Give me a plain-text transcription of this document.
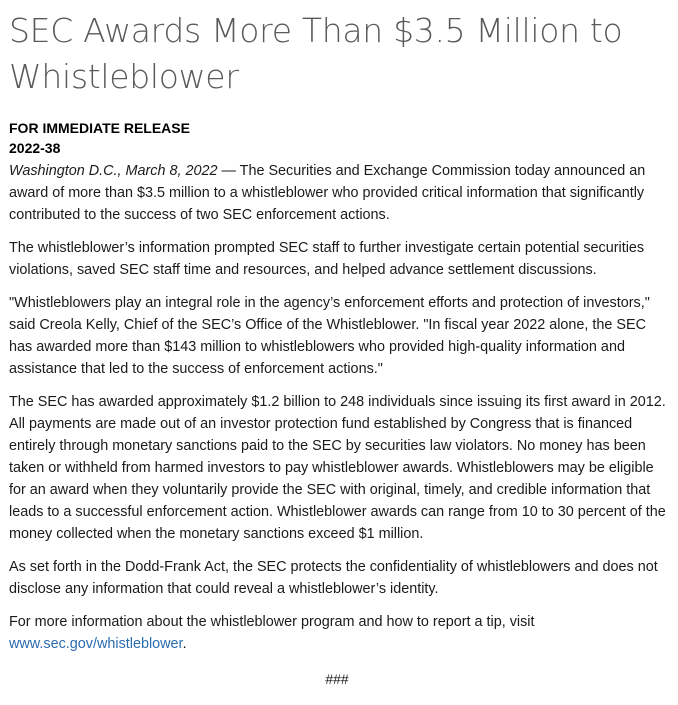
SEC Awards More Than $3.5 Million to Whistleblower
FOR IMMEDIATE RELEASE
2022-38

Washington D.C., March 8, 2022 — The Securities and Exchange Commission today announced an award of more than $3.5 million to a whistleblower who provided critical information that significantly contributed to the success of two SEC enforcement actions.

The whistleblower’s information prompted SEC staff to further investigate certain potential securities violations, saved SEC staff time and resources, and helped advance settlement discussions.

"Whistleblowers play an integral role in the agency’s enforcement efforts and protection of investors," said Creola Kelly, Chief of the SEC’s Office of the Whistleblower. "In fiscal year 2022 alone, the SEC has awarded more than $143 million to whistleblowers who provided high-quality information and assistance that led to the success of enforcement actions."

The SEC has awarded approximately $1.2 billion to 248 individuals since issuing its first award in 2012. All payments are made out of an investor protection fund established by Congress that is financed entirely through monetary sanctions paid to the SEC by securities law violators. No money has been taken or withheld from harmed investors to pay whistleblower awards. Whistleblowers may be eligible for an award when they voluntarily provide the SEC with original, timely, and credible information that leads to a successful enforcement action. Whistleblower awards can range from 10 to 30 percent of the money collected when the monetary sanctions exceed $1 million.

As set forth in the Dodd-Frank Act, the SEC protects the confidentiality of whistleblowers and does not disclose any information that could reveal a whistleblower’s identity.

For more information about the whistleblower program and how to report a tip, visit www.sec.gov/whistleblower.

###
